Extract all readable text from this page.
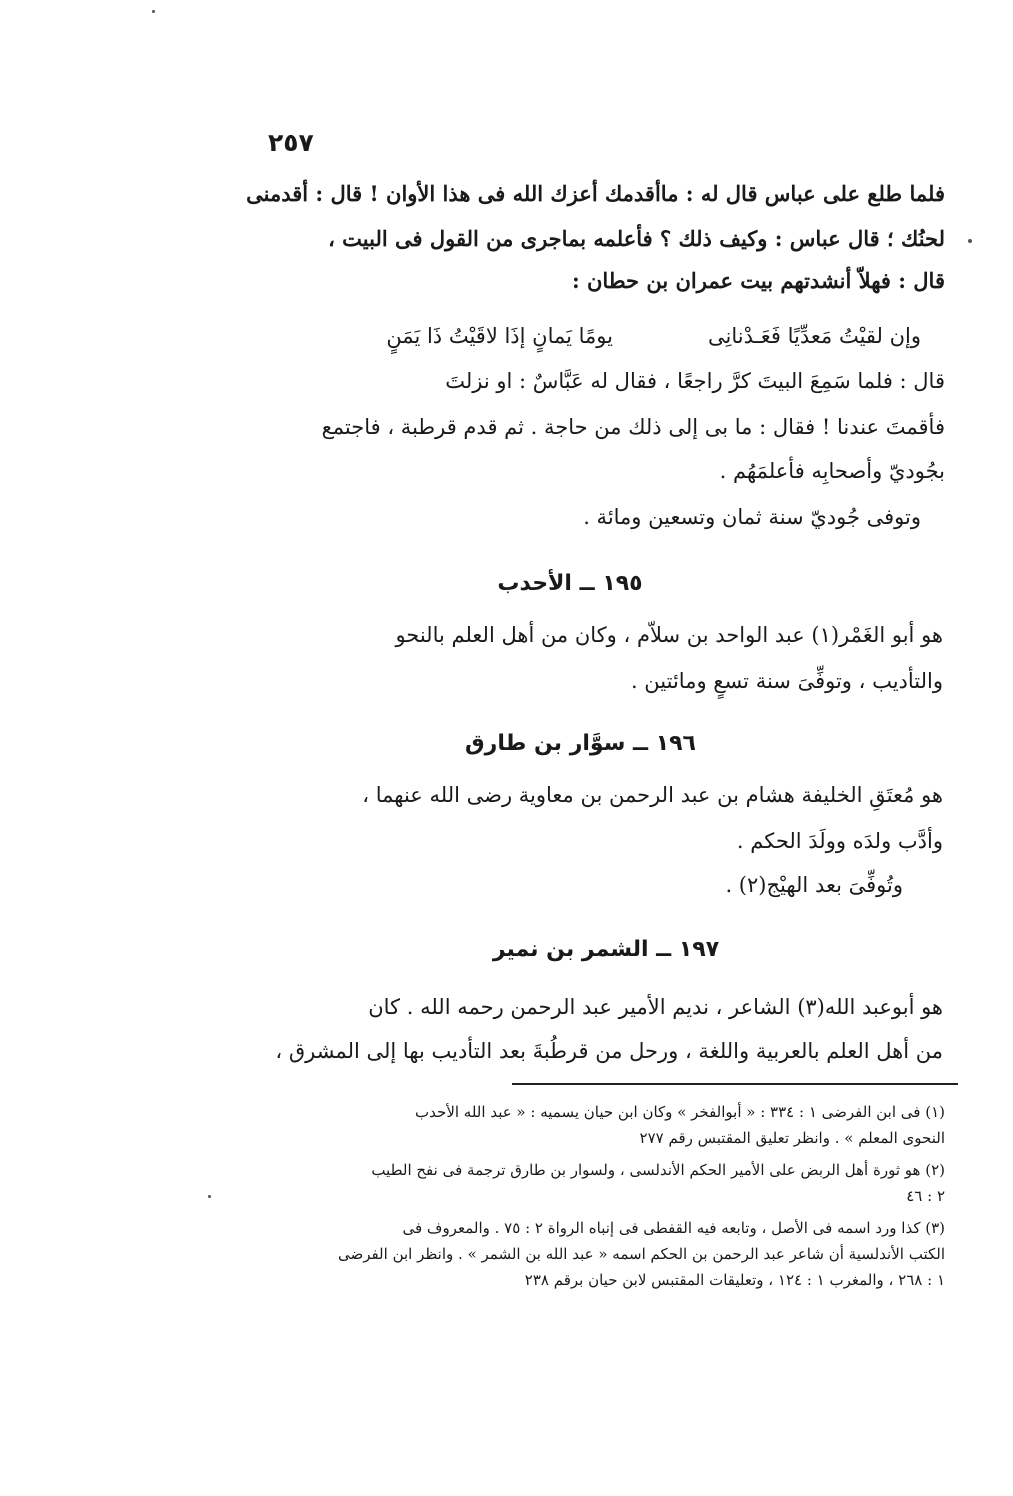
٢٥٧
فلما طلع على عباس قال له : ماأقدمك أعزك الله فى هذا الأوان ! قال : أقدمنى
لحنُك ؛ قال عباس : وكيف ذلك ؟ فأعلمه بماجرى من القول فى البيت ،
قال : فهلاّ أنشدتهم بيت عمران بن حطان :
يومًا يَمانٍ إذَا لاقَيْتُ ذَا يَمَنٍ	وإن لقيْتُ مَعدِّيًا فَعَـدْنانِى
قال : فلما سَمِعَ البيتَ كرَّ راجعًا ، فقال له عَبَّاسٌ : او نزلتَ
فأقمتَ عندنا ! فقال : ما بى إلى ذلك من حاجة . ثم قدم قرطبة ، فاجتمع
بجُوديّ وأصحابِه فأعلمَهُم .
وتوفى جُوديّ سنة ثمان وتسعين ومائة .
١٩٥ ــ الأحدب
هو أبو الغَمْر(١) عبد الواحد بن سلاّم ، وكان من أهل العلم بالنحو
والتأديب ، وتوفِّىَ سنة تسعٍ ومائتين .
١٩٦ ــ سوَّار بن طارق
هو مُعتَقِ الخليفة هشام بن عبد الرحمن بن معاوية رضى الله عنهما ،
وأدَّب ولدَه وولَدَ الحكم .
وتُوفِّىَ بعد الهيْج(٢) .
١٩٧ ــ الشمر بن نمير
هو أبوعبد الله(٣) الشاعر ، نديم الأمير عبد الرحمن رحمه الله . كان
من أهل العلم بالعربية واللغة ، ورحل من قرطُبةَ بعد التأديب بها إلى المشرق ،
(١) فى ابن الفرضى ١ : ٣٣٤ : « أبوالفخر » وكان ابن حيان يسميه : « عبد الله الأحدب
النحوى المعلم » . وانظر تعليق المقتبس رقم ٢٧٧
(٢) هو ثورة أهل الربض على الأمير الحكم الأندلسى ، ولسوار بن طارق ترجمة فى نفح الطيب
٢ : ٤٦
(٣) كذا ورد اسمه فى الأصل ، وتابعه فيه القفطى فى إنباه الرواة ٢ : ٧٥ . والمعروف فى
الكتب الأندلسية أن شاعر عبد الرحمن بن الحكم اسمه « عبد الله بن الشمر » . وانظر ابن الفرضى
١ : ٢٦٨ ، والمغرب ١ : ١٢٤ ، وتعليقات المقتبس لابن حيان برقم ٢٣٨
